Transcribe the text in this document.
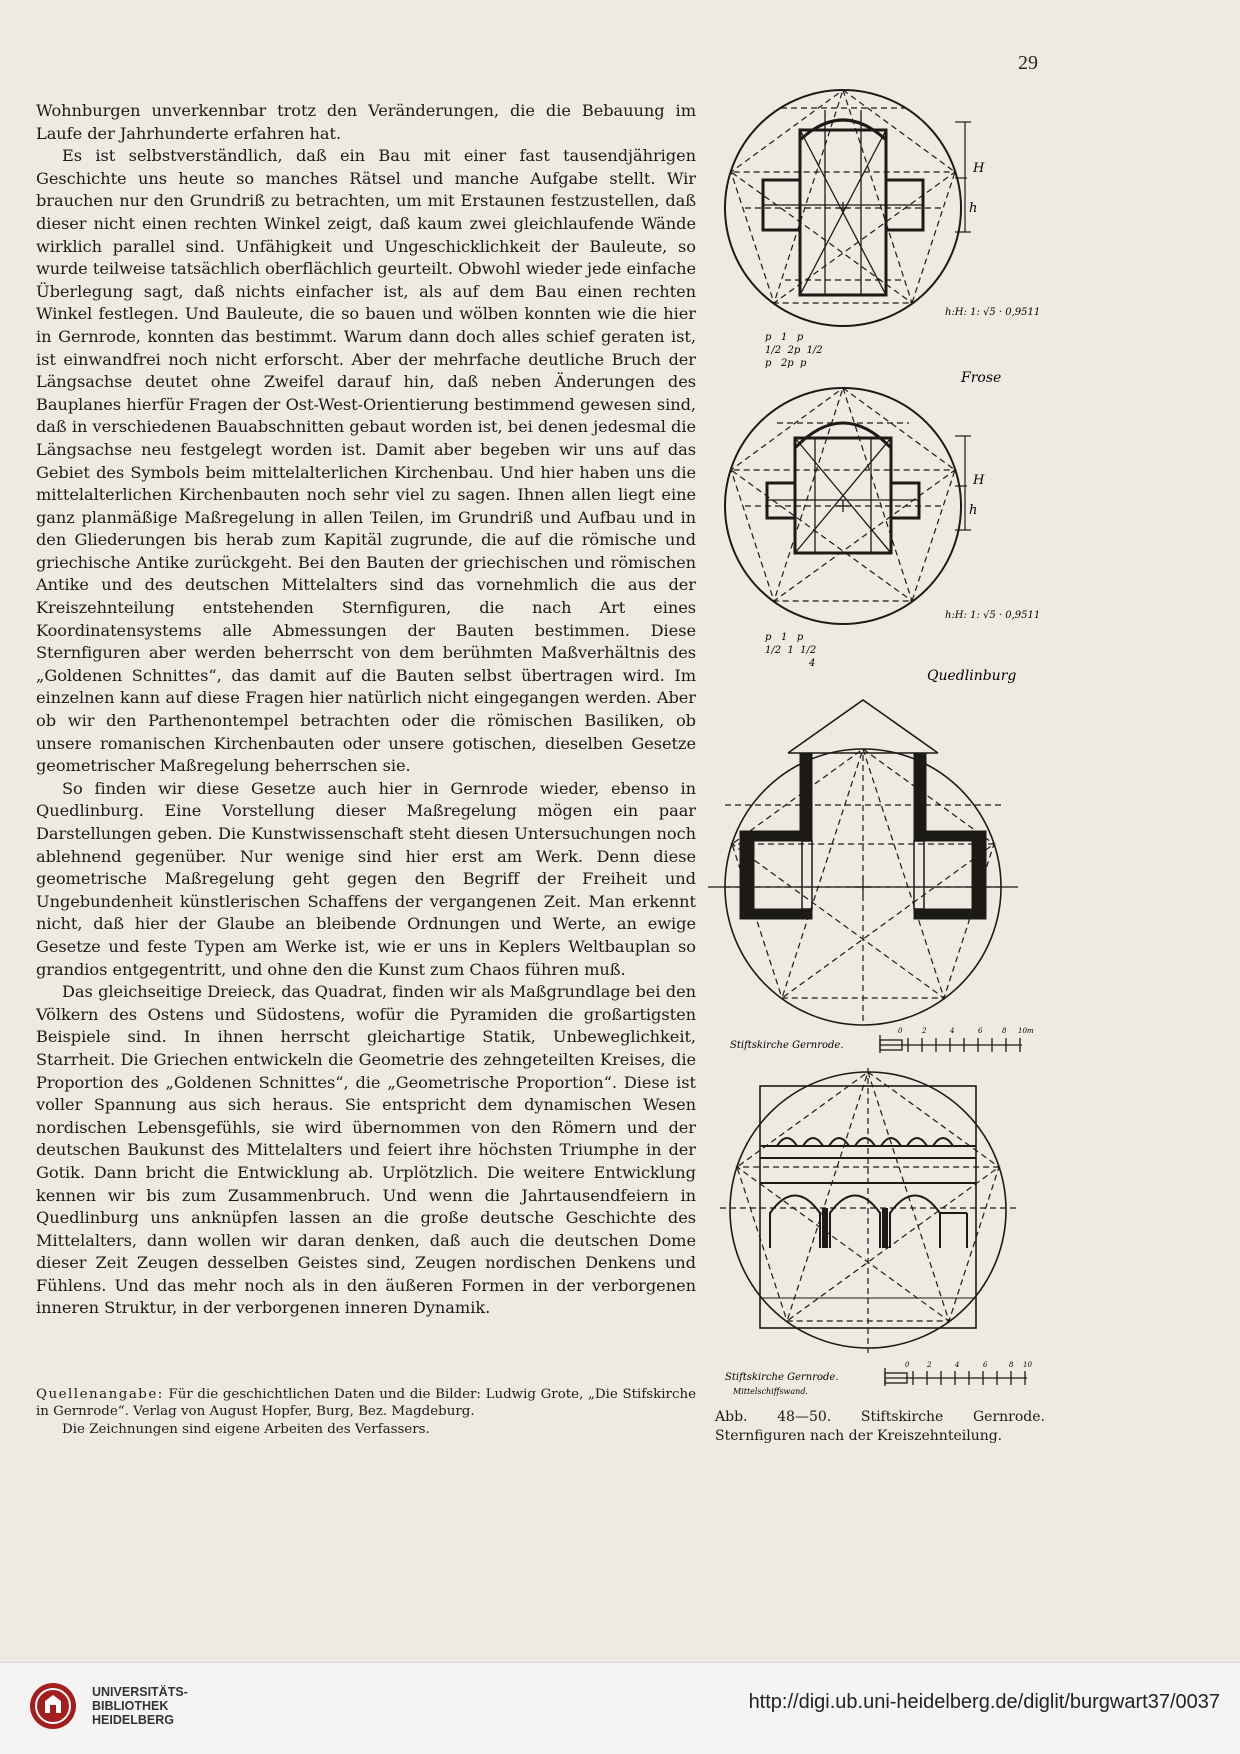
29

Wohnburgen unverkennbar trotz den Veränderungen, die die Bebauung im Laufe der Jahrhunderte erfahren hat.

Es ist selbstverständlich, daß ein Bau mit einer fast tausendjährigen Geschichte uns heute so manches Rätsel und manche Aufgabe stellt. Wir brauchen nur den Grundriß zu betrachten, um mit Erstaunen festzustellen, daß dieser nicht einen rechten Winkel zeigt, daß kaum zwei gleichlaufende Wände wirklich parallel sind. Unfähigkeit und Ungeschicklichkeit der Bauleute, so wurde teilweise tatsächlich oberflächlich geurteilt. Obwohl wieder jede einfache Überlegung sagt, daß nichts einfacher ist, als auf dem Bau einen rechten Winkel festlegen. Und Bauleute, die so bauen und wölben konnten wie die hier in Gernrode, konnten das bestimmt. Warum dann doch alles schief geraten ist, ist einwandfrei noch nicht erforscht. Aber der mehrfache deutliche Bruch der Längsachse deutet ohne Zweifel darauf hin, daß neben Änderungen des Bauplanes hierfür Fragen der Ost-West-Orientierung bestimmend gewesen sind, daß in verschiedenen Bauabschnitten gebaut worden ist, bei denen jedesmal die Längsachse neu festgelegt worden ist. Damit aber begeben wir uns auf das Gebiet des Symbols beim mittelalterlichen Kirchenbau. Und hier haben uns die mittelalterlichen Kirchenbauten noch sehr viel zu sagen. Ihnen allen liegt eine ganz planmäßige Maßregelung in allen Teilen, im Grundriß und Aufbau und in den Gliederungen bis herab zum Kapitäl zugrunde, die auf die römische und griechische Antike zurückgeht. Bei den Bauten der griechischen und römischen Antike und des deutschen Mittelalters sind das vornehmlich die aus der Kreiszehnteilung entstehenden Sternfiguren, die nach Art eines Koordinatensystems alle Abmessungen der Bauten bestimmen. Diese Sternfiguren aber werden beherrscht von dem berühmten Maßverhältnis des „Goldenen Schnittes“, das damit auf die Bauten selbst übertragen wird. Im einzelnen kann auf diese Fragen hier natürlich nicht eingegangen werden. Aber ob wir den Parthenontempel betrachten oder die römischen Basiliken, ob unsere romanischen Kirchenbauten oder unsere gotischen, dieselben Gesetze geometrischer Maßregelung beherrschen sie.

So finden wir diese Gesetze auch hier in Gernrode wieder, ebenso in Quedlinburg. Eine Vorstellung dieser Maßregelung mögen ein paar Darstellungen geben. Die Kunstwissenschaft steht diesen Untersuchungen noch ablehnend gegenüber. Nur wenige sind hier erst am Werk. Denn diese geometrische Maßregelung geht gegen den Begriff der Freiheit und Ungebundenheit künstlerischen Schaffens der vergangenen Zeit. Man erkennt nicht, daß hier der Glaube an bleibende Ordnungen und Werte, an ewige Gesetze und feste Typen am Werke ist, wie er uns in Keplers Weltbauplan so grandios entgegentritt, und ohne den die Kunst zum Chaos führen muß.

Das gleichseitige Dreieck, das Quadrat, finden wir als Maßgrundlage bei den Völkern des Ostens und Südostens, wofür die Pyramiden die großartigsten Beispiele sind. In ihnen herrscht gleichartige Statik, Unbeweglichkeit, Starrheit. Die Griechen entwickeln die Geometrie des zehngeteilten Kreises, die Proportion des „Goldenen Schnittes“, die „Geometrische Proportion“. Diese ist voller Spannung aus sich heraus. Sie entspricht dem dynamischen Wesen nordischen Lebensgefühls, sie wird übernommen von den Römern und der deutschen Baukunst des Mittelalters und feiert ihre höchsten Triumphe in der Gotik. Dann bricht die Entwicklung ab. Urplötzlich. Die weitere Entwicklung kennen wir bis zum Zusammenbruch. Und wenn die Jahrtausendfeiern in Quedlinburg uns anknüpfen lassen an die große deutsche Geschichte des Mittelalters, dann wollen wir daran denken, daß auch die deutschen Dome dieser Zeit Zeugen desselben Geistes sind, Zeugen nordischen Denkens und Fühlens. Und das mehr noch als in den äußeren Formen in der verborgenen inneren Struktur, in der verborgenen inneren Dynamik.

Quellenangabe: Für die geschichtlichen Daten und die Bilder: Ludwig Grote, „Die Stifskirche in Gernrode“. Verlag von August Hopfer, Burg, Bez. Magdeburg.

Die Zeichnungen sind eigene Arbeiten des Verfassers.

H
h
h:H: 1: √5 · 0,9511
p   1   p
1/2  2p  1/2
p   2p  p
Frose
H
h
h:H: 1: √5 · 0,9511
p   1   p
1/2  1  1/2
4
Quedlinburg
Stiftskirche Gernrode.
0	2	4	6	8 10m
Stiftskirche Gernrode.
Mittelschiffswand.
0	2	4	6	8 10
Abb. 48—50. Stiftskirche Gernrode. Sternfiguren nach der Kreiszehnteilung.
UNIVERSITÄTS-
BIBLIOTHEK
HEIDELBERG
http://digi.ub.uni-heidelberg.de/diglit/burgwart37/0037
